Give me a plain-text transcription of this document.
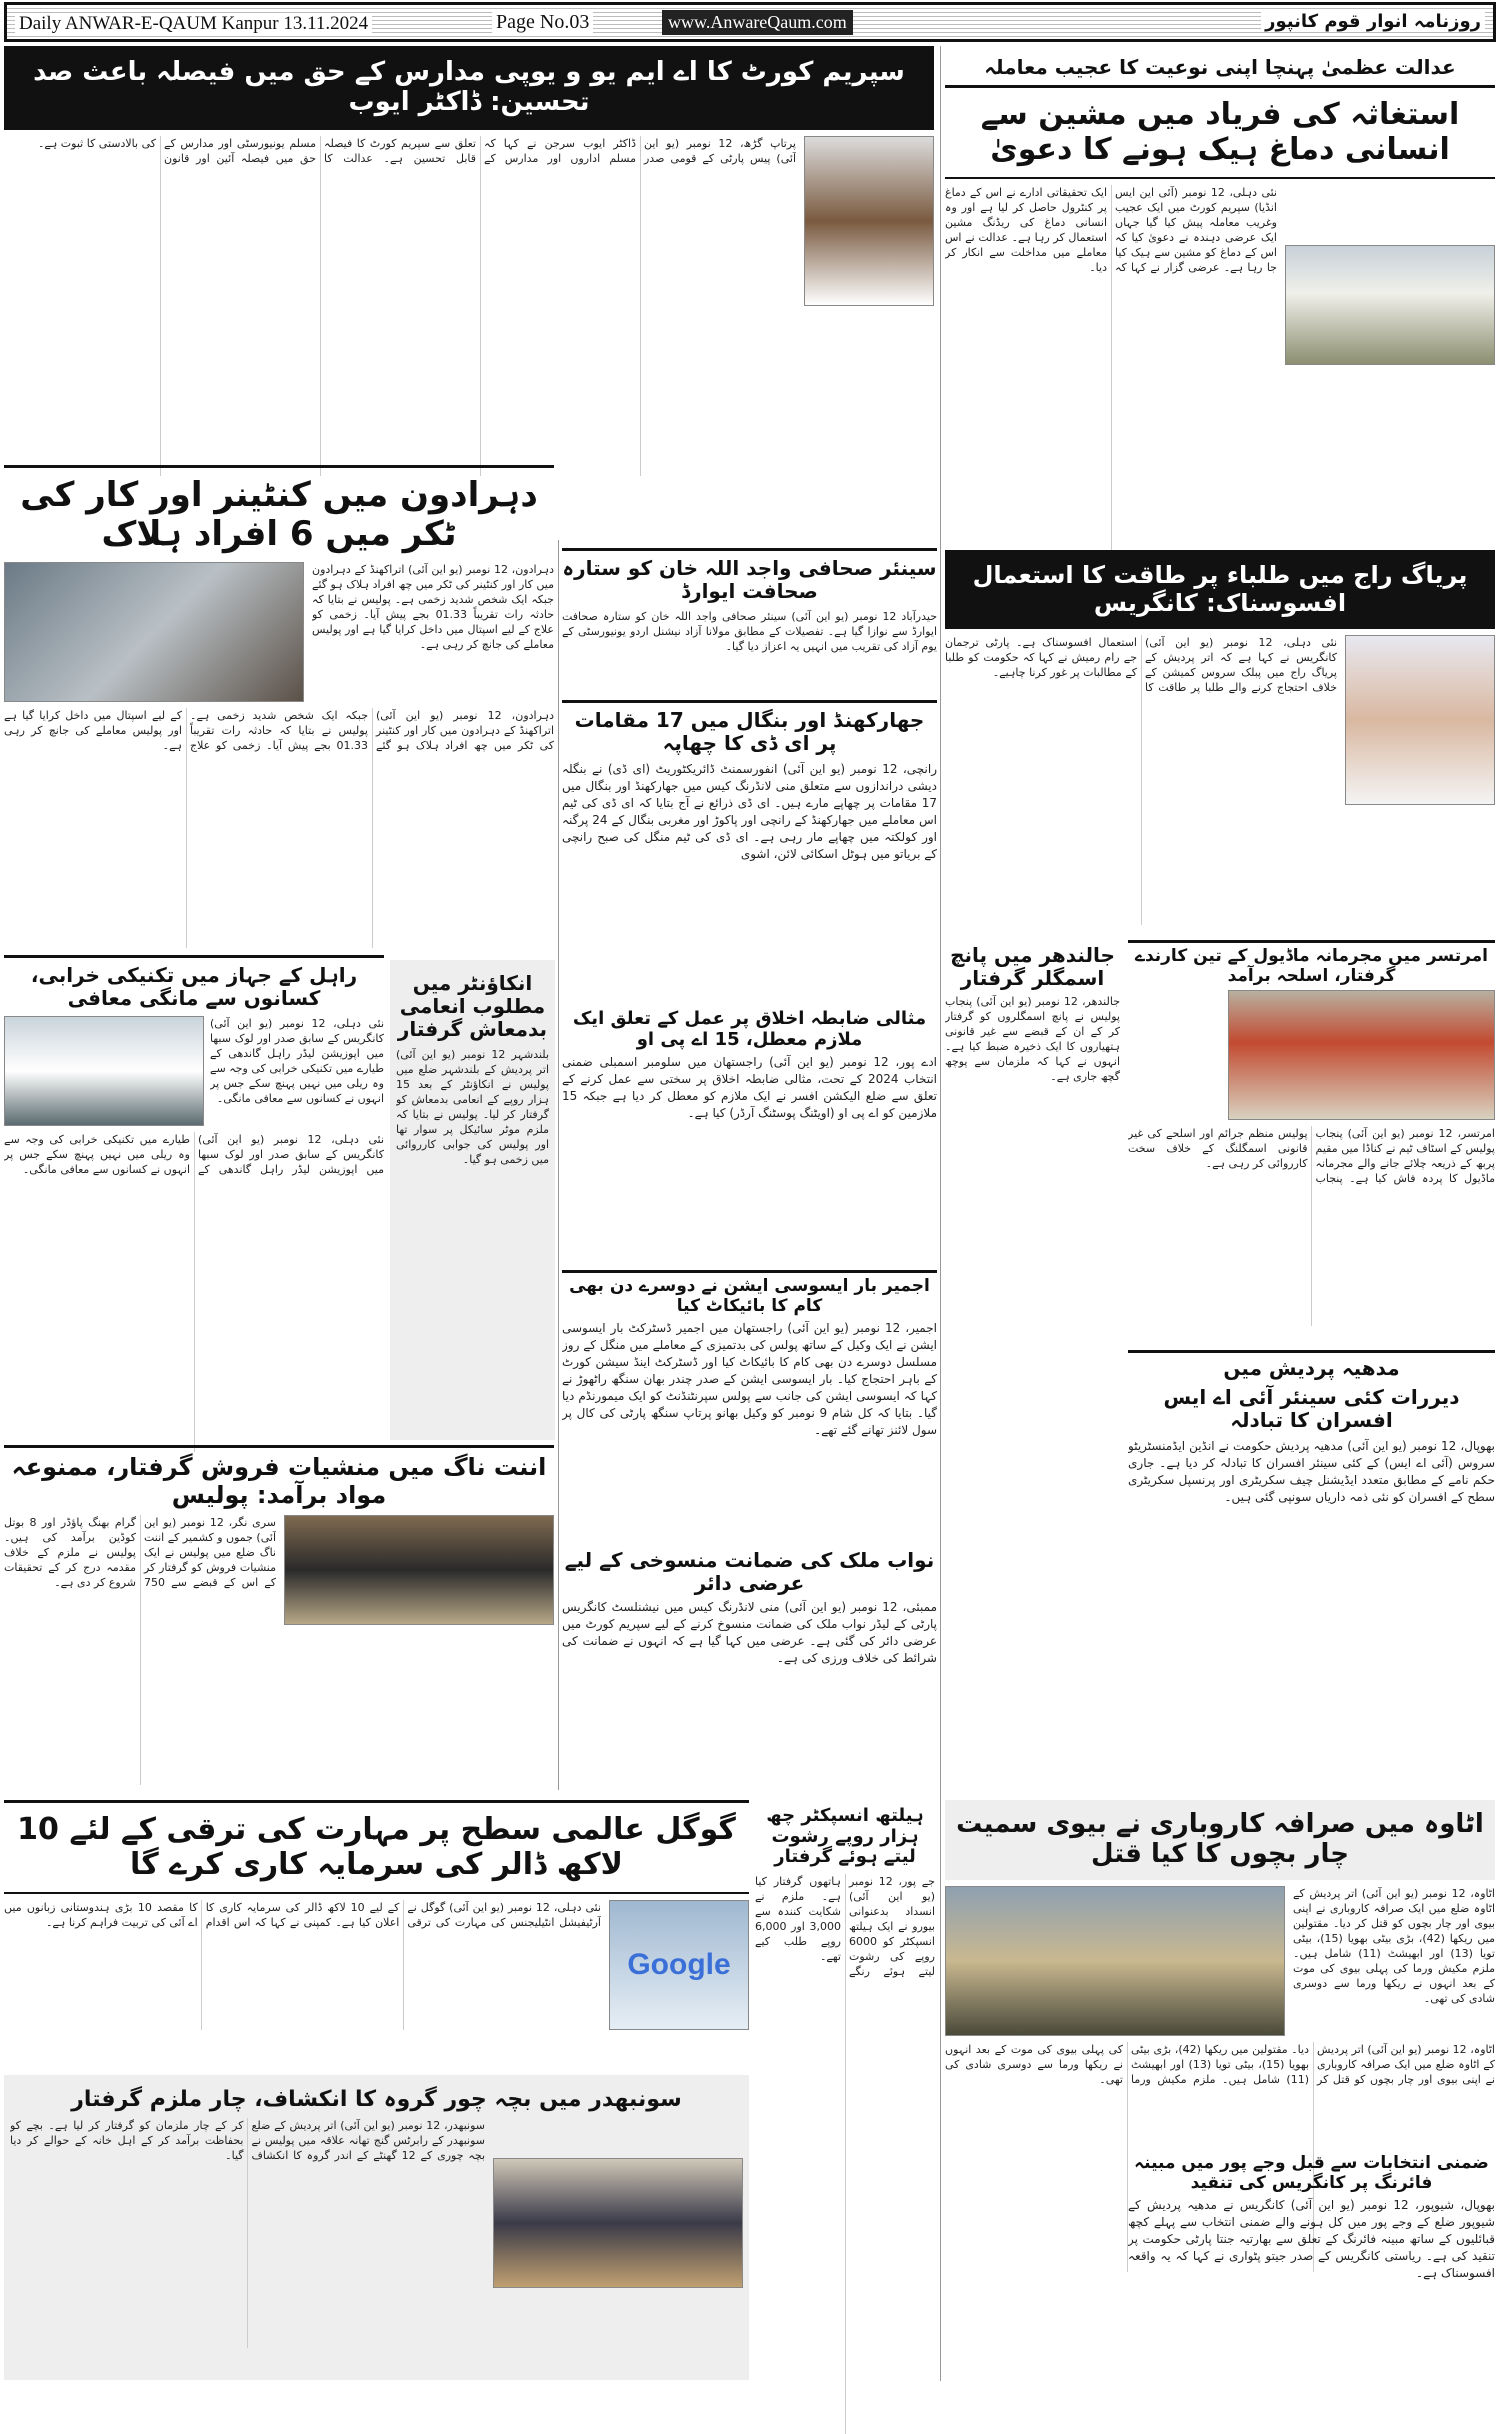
Daily ANWAR-E-QAUM Kanpur 13.11.2024	Page No.03	www.AnwareQaum.com	روزنامہ انوار قوم کانپور
عدالت عظمیٰ پہنچا اپنی نوعیت کا عجیب معاملہ
استغاثہ کی فریاد میں مشین سے انسانی دماغ ہیک ہونے کا دعویٰ
نئی دہلی، 12 نومبر (آئی این ایس انڈیا) سپریم کورٹ میں ایک عجیب وغریب معاملہ پیش کیا گیا جہاں ایک عرضی دہندہ نے دعویٰ کیا کہ اس کے دماغ کو مشین سے ہیک کیا جا رہا ہے۔ عرضی گزار نے کہا کہ ایک تحقیقاتی ادارے نے اس کے دماغ پر کنٹرول حاصل کر لیا ہے اور وہ انسانی دماغ کی ریڈنگ مشین استعمال کر رہا ہے۔ عدالت نے اس معاملے میں مداخلت سے انکار کر دیا۔
سپریم کورٹ کا اے ایم یو و یوپی مدارس کے حق میں فیصلہ باعث صد تحسین: ڈاکٹر ایوب
پرتاپ گڑھ، 12 نومبر (یو این آئی) پیس پارٹی کے قومی صدر ڈاکٹر ایوب سرجن نے کہا کہ مسلم اداروں اور مدارس کے تعلق سے سپریم کورٹ کا فیصلہ قابل تحسین ہے۔ عدالت کا مسلم یونیورسٹی اور مدارس کے حق میں فیصلہ آئین اور قانون کی بالادستی کا ثبوت ہے۔
دہرادون میں کنٹینر اور کار کی ٹکر میں 6 افراد ہلاک
دہرادون، 12 نومبر (یو این آئی) اتراکھنڈ کے دہرادون میں کار اور کنٹینر کی ٹکر میں چھ افراد ہلاک ہو گئے جبکہ ایک شخص شدید زخمی ہے۔ پولیس نے بتایا کہ حادثہ رات تقریباً 01.33 بجے پیش آیا۔ زخمی کو علاج کے لیے اسپتال میں داخل کرایا گیا ہے اور پولیس معاملے کی جانچ کر رہی ہے۔
دہرادون، 12 نومبر (یو این آئی) اتراکھنڈ کے دہرادون میں کار اور کنٹینر کی ٹکر میں چھ افراد ہلاک ہو گئے جبکہ ایک شخص شدید زخمی ہے۔ پولیس نے بتایا کہ حادثہ رات تقریباً 01.33 بجے پیش آیا۔ زخمی کو علاج کے لیے اسپتال میں داخل کرایا گیا ہے اور پولیس معاملے کی جانچ کر رہی ہے۔
سینئر صحافی واجد اللہ خان کو ستارہ صحافت ایوارڈ
حیدرآباد 12 نومبر (یو این آئی) سینئر صحافی واجد اللہ خان کو ستارہ صحافت ایوارڈ سے نوازا گیا ہے۔ تفصیلات کے مطابق مولانا آزاد نیشنل اردو یونیورسٹی کے یوم آزاد کی تقریب میں انہیں یہ اعزاز دیا گیا۔
جھارکھنڈ اور بنگال میں 17 مقامات پر ای ڈی کا چھاپہ
رانچی، 12 نومبر (یو این آئی) انفورسمنٹ ڈائریکٹوریٹ (ای ڈی) نے بنگلہ دیشی دراندازوں سے متعلق منی لانڈرنگ کیس میں جھارکھنڈ اور بنگال میں 17 مقامات پر چھاپے مارے ہیں۔ ای ڈی ذرائع نے آج بتایا کہ ای ڈی کی ٹیم اس معاملے میں جھارکھنڈ کے رانچی اور پاکوڑ اور مغربی بنگال کے 24 پرگنہ اور کولکتہ میں چھاپے مار رہی ہے۔ ای ڈی کی ٹیم منگل کی صبح رانچی کے بریاتو میں ہوٹل اسکائی لائن، اشوی
پریاگ راج میں طلباء پر طاقت کا استعمال افسوسناک: کانگریس
نئی دہلی، 12 نومبر (یو این آئی) کانگریس نے کہا ہے کہ اتر پردیش کے پریاگ راج میں پبلک سروس کمیشن کے خلاف احتجاج کرنے والے طلبا پر طاقت کا استعمال افسوسناک ہے۔ پارٹی ترجمان جے رام رمیش نے کہا کہ حکومت کو طلبا کے مطالبات پر غور کرنا چاہیے۔
راہل کے جہاز میں تکنیکی خرابی، کسانوں سے مانگی معافی
نئی دہلی، 12 نومبر (یو این آئی) کانگریس کے سابق صدر اور لوک سبھا میں اپوزیشن لیڈر راہل گاندھی کے طیارے میں تکنیکی خرابی کی وجہ سے وہ ریلی میں نہیں پہنچ سکے جس پر انہوں نے کسانوں سے معافی مانگی۔
نئی دہلی، 12 نومبر (یو این آئی) کانگریس کے سابق صدر اور لوک سبھا میں اپوزیشن لیڈر راہل گاندھی کے طیارے میں تکنیکی خرابی کی وجہ سے وہ ریلی میں نہیں پہنچ سکے جس پر انہوں نے کسانوں سے معافی مانگی۔
انکاؤنٹر میں مطلوب انعامی بدمعاش گرفتار
بلندشہر 12 نومبر (یو این آئی) اتر پردیش کے بلندشہر ضلع میں پولیس نے انکاؤنٹر کے بعد 15 ہزار روپے کے انعامی بدمعاش کو گرفتار کر لیا۔ پولیس نے بتایا کہ ملزم موٹر سائیکل پر سوار تھا اور پولیس کی جوابی کارروائی میں زخمی ہو گیا۔
مثالی ضابطہ اخلاق پر عمل کے تعلق ایک ملازم معطل، 15 اے پی او
ادے پور، 12 نومبر (یو این آئی) راجستھان میں سلومبر اسمبلی ضمنی انتخاب 2024 کے تحت، مثالی ضابطہ اخلاق پر سختی سے عمل کرنے کے تعلق سے ضلع الیکشن افسر نے ایک ملازم کو معطل کر دیا ہے جبکہ 15 ملازمین کو اے پی او (اویٹنگ پوسٹنگ آرڈر) کیا ہے۔
جالندھر میں پانچ اسمگلر گرفتار
جالندھر، 12 نومبر (یو این آئی) پنجاب پولیس نے پانچ اسمگلروں کو گرفتار کر کے ان کے قبضے سے غیر قانونی ہتھیاروں کا ایک ذخیرہ ضبط کیا ہے۔ انہوں نے کہا کہ ملزمان سے پوچھ گچھ جاری ہے۔
امرتسر میں مجرمانہ ماڈیول کے تین کارندے گرفتار، اسلحہ برآمد
امرتسر، 12 نومبر (یو این آئی) پنجاب پولیس کے اسٹاف ٹیم نے کناڈا میں مقیم پربھ کے ذریعہ چلائے جانے والے مجرمانہ ماڈیول کا پردہ فاش کیا ہے۔ پنجاب پولیس منظم جرائم اور اسلحے کی غیر قانونی اسمگلنگ کے خلاف سخت کارروائی کر رہی ہے۔
مدھیہ پردیش میں
دیررات کئی سینئر آئی اے ایس افسران کا تبادلہ
بھوپال، 12 نومبر (یو این آئی) مدھیہ پردیش حکومت نے انڈین ایڈمنسٹریٹو سروس (آئی اے ایس) کے کئی سینئر افسران کا تبادلہ کر دیا ہے۔ جاری حکم نامے کے مطابق متعدد ایڈیشنل چیف سکریٹری اور پرنسپل سکریٹری سطح کے افسران کو نئی ذمہ داریاں سونپی گئی ہیں۔
اجمیر بار ایسوسی ایشن نے دوسرے دن بھی کام کا بائیکاٹ کیا
اجمیر، 12 نومبر (یو این آئی) راجستھان میں اجمیر ڈسٹرکٹ بار ایسوسی ایشن نے ایک وکیل کے ساتھ پولس کی بدتمیزی کے معاملے میں منگل کے روز مسلسل دوسرے دن بھی کام کا بائیکاٹ کیا اور ڈسٹرکٹ اینڈ سیشن کورٹ کے باہر احتجاج کیا۔ بار ایسوسی ایشن کے صدر چندر بھان سنگھ راٹھوڑ نے کہا کہ ایسوسی ایشن کی جانب سے پولس سپرنٹنڈنٹ کو ایک میمورنڈم دیا گیا۔ بتایا کہ کل شام 9 نومبر کو وکیل بھانو پرتاپ سنگھ پارٹی کی کال پر سول لائنز تھانے گئے تھے۔
اننت ناگ میں منشیات فروش گرفتار، ممنوعہ مواد برآمد: پولیس
سری نگر، 12 نومبر (یو این آئی) جموں و کشمیر کے اننت ناگ ضلع میں پولیس نے ایک منشیات فروش کو گرفتار کر کے اس کے قبضے سے 750 گرام بھنگ پاؤڈر اور 8 بوتل کوڈین برآمد کی ہیں۔ پولیس نے ملزم کے خلاف مقدمہ درج کر کے تحقیقات شروع کر دی ہے۔
نواب ملک کی ضمانت منسوخی کے لیے عرضی دائر
ممبئی، 12 نومبر (یو این آئی) منی لانڈرنگ کیس میں نیشنلسٹ کانگریس پارٹی کے لیڈر نواب ملک کی ضمانت منسوخ کرنے کے لیے سپریم کورٹ میں عرضی دائر کی گئی ہے۔ عرضی میں کہا گیا ہے کہ انہوں نے ضمانت کی شرائط کی خلاف ورزی کی ہے۔
گوگل عالمی سطح پر مہارت کی ترقی کے لئے 10 لاکھ ڈالر کی سرمایہ کاری کرے گا
نئی دہلی، 12 نومبر (یو این آئی) گوگل نے آرٹیفیشل انٹیلیجنس کی مہارت کی ترقی کے لیے 10 لاکھ ڈالر کی سرمایہ کاری کا اعلان کیا ہے۔ کمپنی نے کہا کہ اس اقدام کا مقصد 10 بڑی ہندوستانی زبانوں میں اے آئی کی تربیت فراہم کرنا ہے۔
Google
ہیلتھ انسپکٹر چھ ہزار روپے رشوت لیتے ہوئے گرفتار
جے پور، 12 نومبر (یو این آئی) انسداد بدعنوانی بیورو نے ایک ہیلتھ انسپکٹر کو 6000 روپے کی رشوت لیتے ہوئے رنگے ہاتھوں گرفتار کیا ہے۔ ملزم نے شکایت کنندہ سے 3,000 اور 6,000 روپے طلب کیے تھے۔
اٹاوہ میں صرافہ کاروباری نے بیوی سمیت چار بچوں کا کیا قتل
اٹاوہ، 12 نومبر (یو این آئی) اتر پردیش کے اٹاوہ ضلع میں ایک صرافہ کاروباری نے اپنی بیوی اور چار بچوں کو قتل کر دیا۔ مقتولین میں ریکھا (42)، بڑی بیٹی بھویا (15)، بیٹی تویا (13) اور ابھیشٹ (11) شامل ہیں۔ ملزم مکیش ورما کی پہلی بیوی کی موت کے بعد انہوں نے ریکھا ورما سے دوسری شادی کی تھی۔
اٹاوہ، 12 نومبر (یو این آئی) اتر پردیش کے اٹاوہ ضلع میں ایک صرافہ کاروباری نے اپنی بیوی اور چار بچوں کو قتل کر دیا۔ مقتولین میں ریکھا (42)، بڑی بیٹی بھویا (15)، بیٹی تویا (13) اور ابھیشٹ (11) شامل ہیں۔ ملزم مکیش ورما کی پہلی بیوی کی موت کے بعد انہوں نے ریکھا ورما سے دوسری شادی کی تھی۔
سونبھدر میں بچہ چور گروہ کا انکشاف، چار ملزم گرفتار
سونبھدر، 12 نومبر (یو این آئی) اتر پردیش کے ضلع سونبھدر کے رابرٹس گنج تھانہ علاقہ میں پولیس نے بچہ چوری کے 12 گھنٹے کے اندر گروہ کا انکشاف کر کے چار ملزمان کو گرفتار کر لیا ہے۔ بچے کو بحفاظت برآمد کر کے اہل خانہ کے حوالے کر دیا گیا۔	ضمنی انتخابات سے قبل وجے پور میں مبینہ فائرنگ پر کانگریس کی تنقید
بھوپال، شیوپور، 12 نومبر (یو این آئی) کانگریس نے مدھیہ پردیش کے شیوپور ضلع کے وجے پور میں کل ہونے والے ضمنی انتخاب سے پہلے کچھ قبائلیوں کے ساتھ مبینہ فائرنگ کے تعلق سے بھارتیہ جنتا پارٹی حکومت پر تنقید کی ہے۔ ریاستی کانگریس کے صدر جیتو پٹواری نے کہا کہ یہ واقعہ افسوسناک ہے۔
